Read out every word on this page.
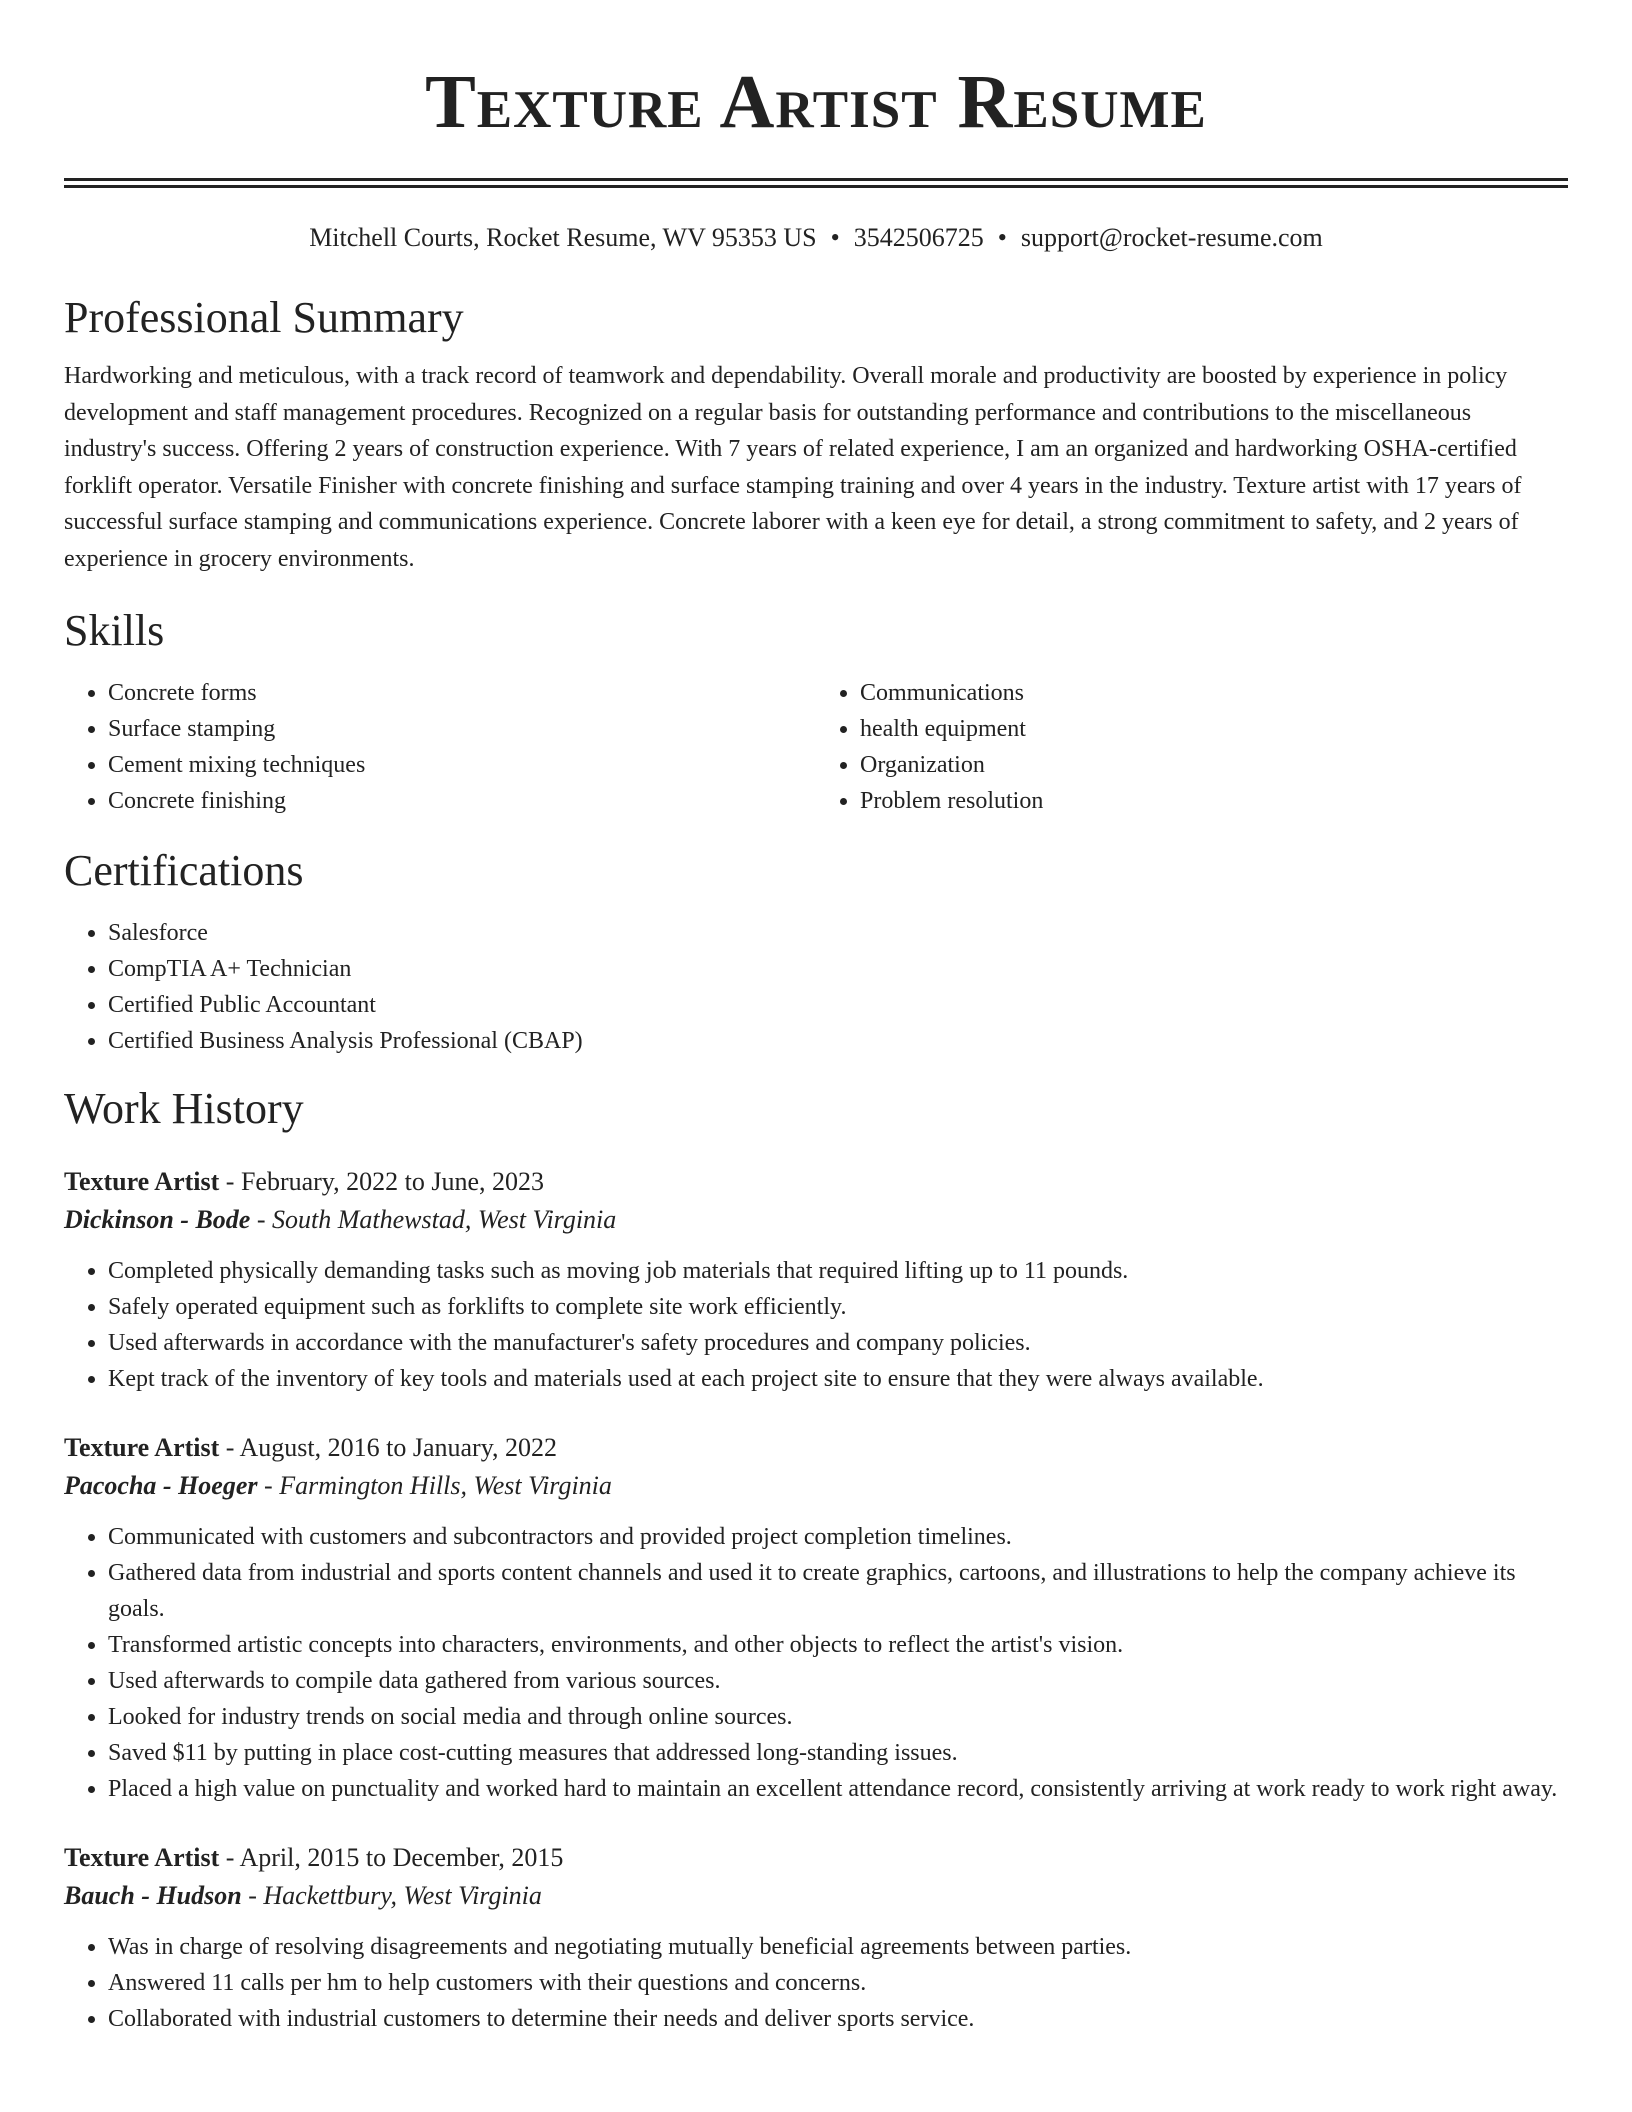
Texture Artist Resume
Mitchell Courts, Rocket Resume, WV 95353 US • 3542506725 • support@rocket-resume.com
Professional Summary

Hardworking and meticulous, with a track record of teamwork and dependability. Overall morale and productivity are boosted by experience in policy development and staff management procedures. Recognized on a regular basis for outstanding performance and contributions to the miscellaneous industry's success. Offering 2 years of construction experience. With 7 years of related experience, I am an organized and hardworking OSHA-certified forklift operator. Versatile Finisher with concrete finishing and surface stamping training and over 4 years in the industry. Texture artist with 17 years of successful surface stamping and communications experience. Concrete laborer with a keen eye for detail, a strong commitment to safety, and 2 years of experience in grocery environments.

Skills
• Concrete forms
• Surface stamping
• Cement mixing techniques
• Concrete finishing
• Communications
• health equipment
• Organization
• Problem resolution
Certifications
• Salesforce
• CompTIA A+ Technician
• Certified Public Accountant
• Certified Business Analysis Professional (CBAP)
Work History
Texture Artist - February, 2022 to June, 2023
Dickinson - Bode - South Mathewstad, West Virginia
• Completed physically demanding tasks such as moving job materials that required lifting up to 11 pounds.
• Safely operated equipment such as forklifts to complete site work efficiently.
• Used afterwards in accordance with the manufacturer's safety procedures and company policies.
• Kept track of the inventory of key tools and materials used at each project site to ensure that they were always available.
Texture Artist - August, 2016 to January, 2022
Pacocha - Hoeger - Farmington Hills, West Virginia
• Communicated with customers and subcontractors and provided project completion timelines.
• Gathered data from industrial and sports content channels and used it to create graphics, cartoons, and illustrations to help the company achieve its goals.
• Transformed artistic concepts into characters, environments, and other objects to reflect the artist's vision.
• Used afterwards to compile data gathered from various sources.
• Looked for industry trends on social media and through online sources.
• Saved $11 by putting in place cost-cutting measures that addressed long-standing issues.
• Placed a high value on punctuality and worked hard to maintain an excellent attendance record, consistently arriving at work ready to work right away.
Texture Artist - April, 2015 to December, 2015
Bauch - Hudson - Hackettbury, West Virginia
• Was in charge of resolving disagreements and negotiating mutually beneficial agreements between parties.
• Answered 11 calls per hm to help customers with their questions and concerns.
• Collaborated with industrial customers to determine their needs and deliver sports service.
